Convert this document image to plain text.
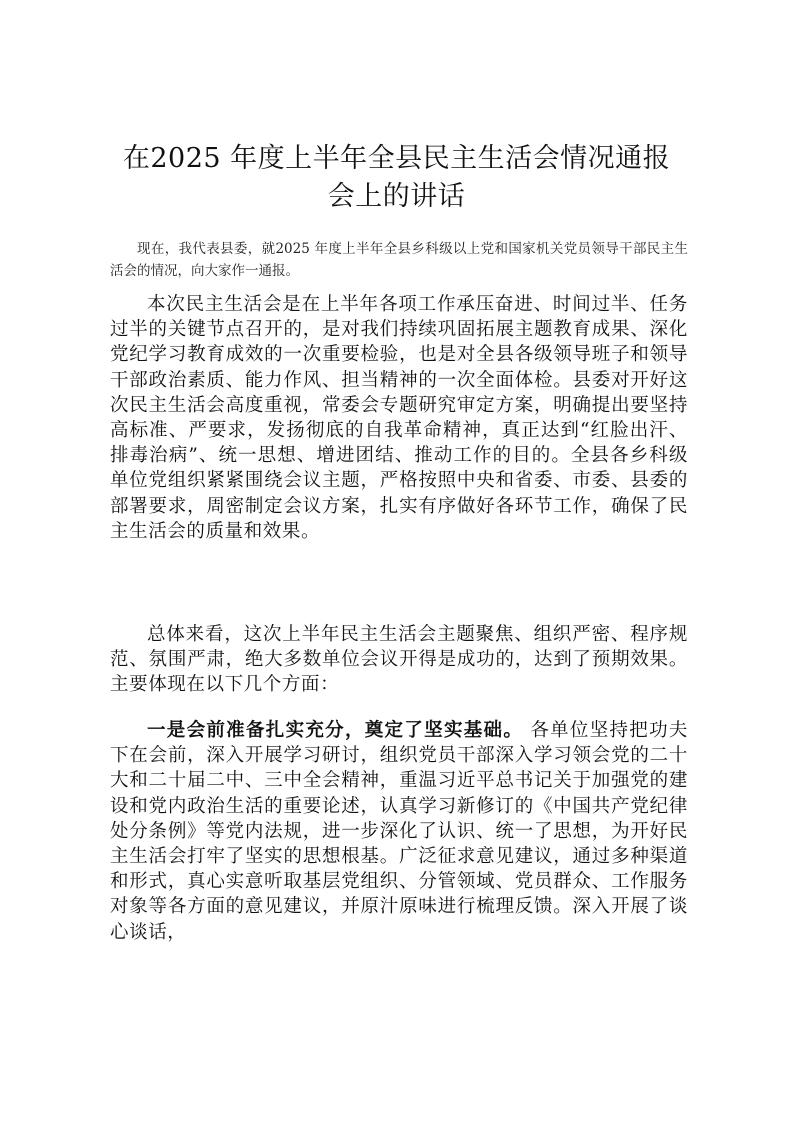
在2025 年度上半年全县民主生活会情况通报
会上的讲话

现在，我代表县委，就2025 年度上半年全县乡科级以上党和国家机关党员领导干部民主生活会的情况，向大家作一通报。

本次民主生活会是在上半年各项工作承压奋进、时间过半、任务过半的关键节点召开的，是对我们持续巩固拓展主题教育成果、深化党纪学习教育成效的一次重要检验，也是对全县各级领导班子和领导干部政治素质、能力作风、担当精神的一次全面体检。县委对开好这次民主生活会高度重视，常委会专题研究审定方案，明确提出要坚持高标准、严要求，发扬彻底的自我革命精神，真正达到“红脸出汗、排毒治病”、统一思想、增进团结、推动工作的目的。全县各乡科级单位党组织紧紧围绕会议主题，严格按照中央和省委、市委、县委的部署要求，周密制定会议方案，扎实有序做好各环节工作，确保了民主生活会的质量和效果。

总体来看，这次上半年民主生活会主题聚焦、组织严密、程序规范、氛围严肃，绝大多数单位会议开得是成功的，达到了预期效果。主要体现在以下几个方面：

一是会前准备扎实充分，奠定了坚实基础。 各单位坚持把功夫下在会前，深入开展学习研讨，组织党员干部深入学习领会党的二十大和二十届二中、三中全会精神，重温习近平总书记关于加强党的建设和党内政治生活的重要论述，认真学习新修订的《中国共产党纪律处分条例》等党内法规，进一步深化了认识、统一了思想，为开好民主生活会打牢了坚实的思想根基。广泛征求意见建议，通过多种渠道和形式，真心实意听取基层党组织、分管领域、党员群众、工作服务对象等各方面的意见建议，并原汁原味进行梳理反馈。深入开展了谈心谈话，
